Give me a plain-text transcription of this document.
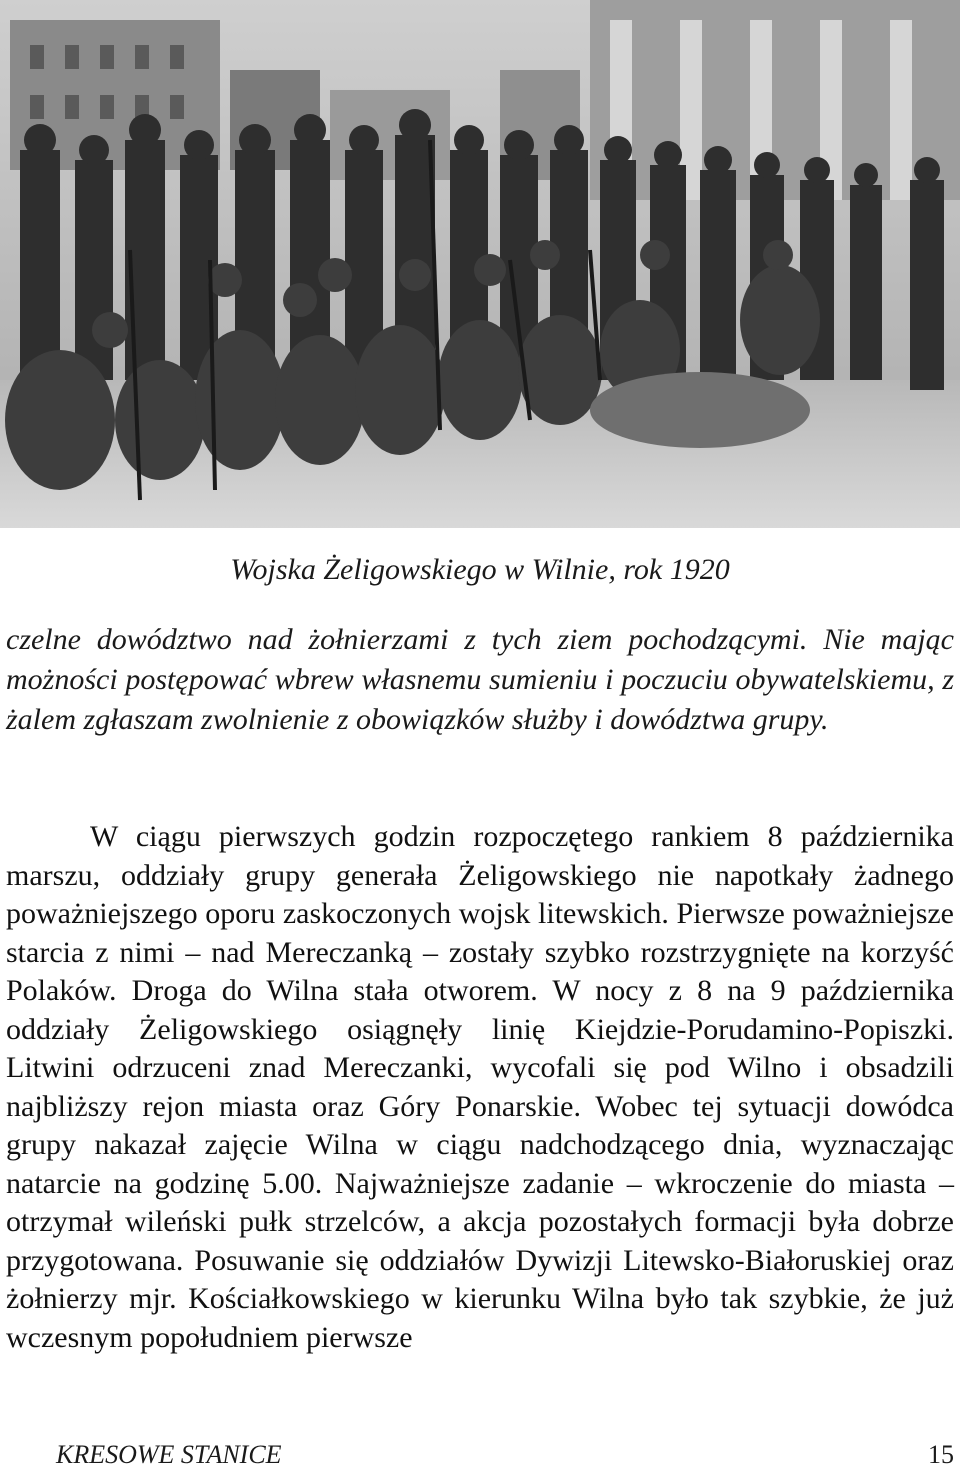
Wojska Żeligowskiego w Wilnie, rok 1920
czelne dowództwo nad żołnierzami z tych ziem pochodzącymi. Nie mając możności postępować wbrew własnemu sumieniu i poczuciu obywatelskiemu, z żalem zgłaszam zwolnienie z obowiązków służby i dowództwa grupy.
W ciągu pierwszych godzin rozpoczętego rankiem 8 października marszu, oddziały grupy generała Żeligowskiego nie napotkały żadnego poważniejszego oporu zaskoczonych wojsk litewskich. Pierwsze poważniejsze starcia z nimi – nad Mereczanką – zostały szybko rozstrzygnięte na korzyść Polaków. Droga do Wilna stała otworem. W nocy z 8 na 9 października oddziały Żeligowskiego osiągnęły linię Kiejdzie-Porudamino-Popiszki. Litwini odrzuceni znad Mereczanki, wycofali się pod Wilno i obsadzili najbliższy rejon miasta oraz Góry Ponarskie. Wobec tej sytuacji dowódca grupy nakazał zajęcie Wilna w ciągu nadchodzącego dnia, wyznaczając natarcie na godzinę 5.00. Najważniejsze zadanie – wkroczenie do miasta – otrzymał wileński pułk strzelców, a akcja pozostałych formacji była dobrze przygotowana. Posuwanie się oddziałów Dywizji Litewsko-Białoruskiej oraz żołnierzy mjr. Kościałkowskiego w kierunku Wilna było tak szybkie, że już wczesnym popołudniem pierwsze
KRESOWE STANICE	15
